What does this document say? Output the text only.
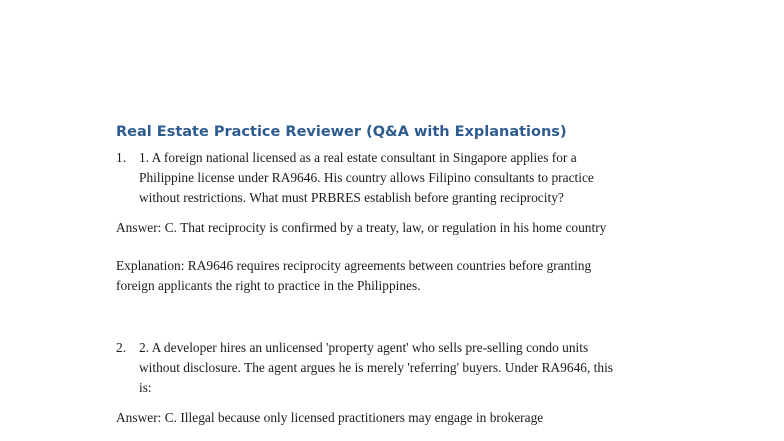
Real Estate Practice Reviewer (Q&A with Explanations)
1. 1. A foreign national licensed as a real estate consultant in Singapore applies for a
Philippine license under RA9646. His country allows Filipino consultants to practice
without restrictions. What must PRBRES establish before granting reciprocity?
Answer: C. That reciprocity is confirmed by a treaty, law, or regulation in his home country
Explanation: RA9646 requires reciprocity agreements between countries before granting
foreign applicants the right to practice in the Philippines.
2. 2. A developer hires an unlicensed 'property agent' who sells pre-selling condo units
without disclosure. The agent argues he is merely 'referring' buyers. Under RA9646, this
is:
Answer: C. Illegal because only licensed practitioners may engage in brokerage
